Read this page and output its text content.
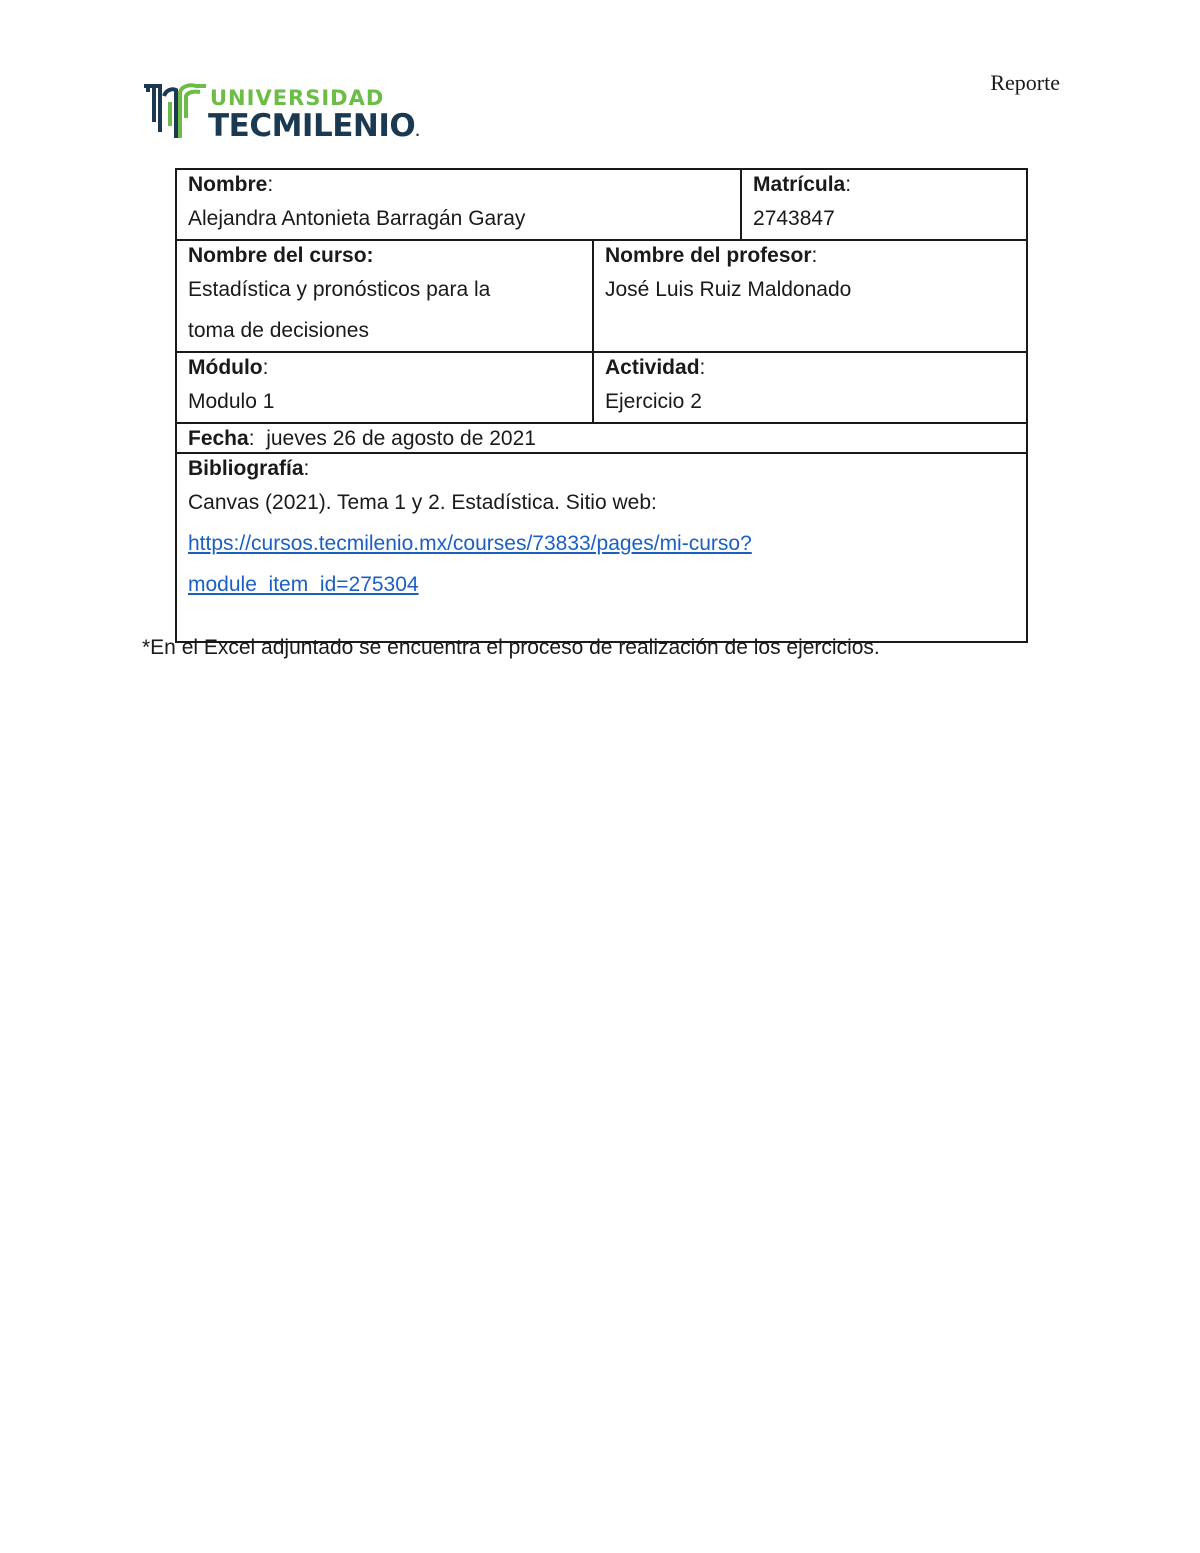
UNIVERSIDAD
TECMILENIO.
Reporte
Nombre:
Alejandra Antonieta Barragán Garay		Matrícula:
2743847

Nombre del curso:
Estadística y pronósticos para la
toma de decisiones	Nombre del profesor:
José Luis Ruiz Maldonado	

Módulo:
Modulo 1	Actividad:
Ejercicio 2	

Fecha:  jueves 26 de agosto de 2021		

Bibliografía:
Canvas (2021). Tema 1 y 2. Estadística. Sitio web:
https://cursos.tecmilenio.mx/courses/73833/pages/mi-curso?
module_item_id=275304		
*En el Excel adjuntado se encuentra el proceso de realización de los ejercicios.
